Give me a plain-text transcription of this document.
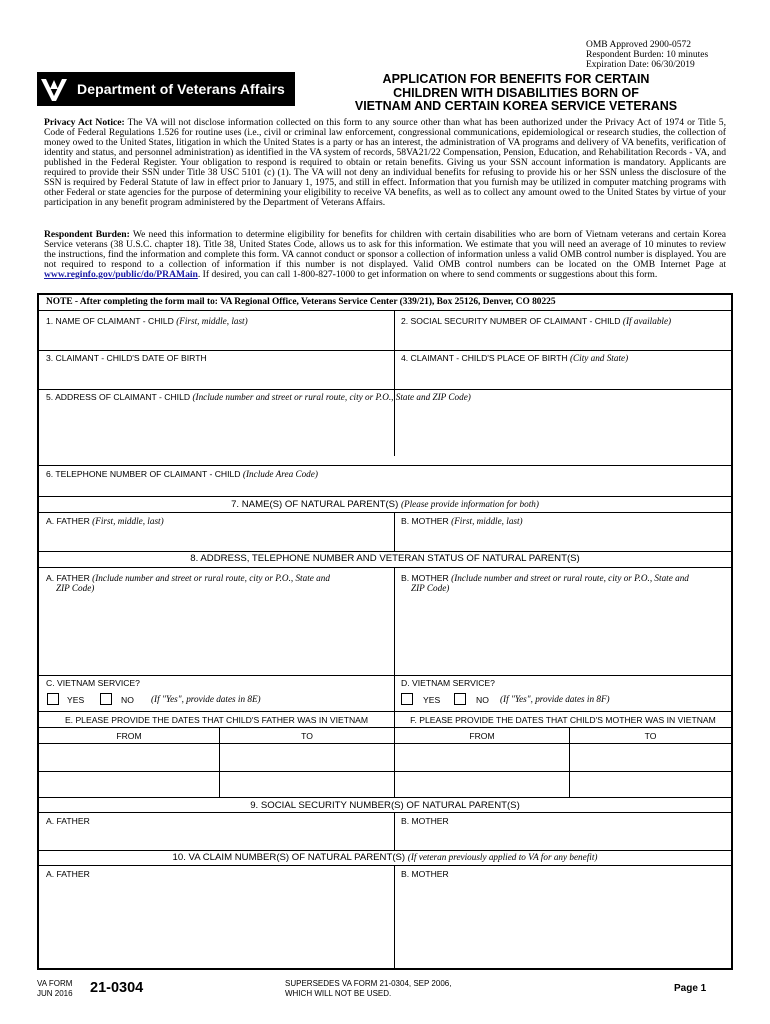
OMB Approved 2900-0572
Respondent Burden: 10 minutes
Expiration Date: 06/30/2019
Department of Veterans Affairs
APPLICATION FOR BENEFITS FOR CERTAIN
CHILDREN WITH DISABILITIES BORN OF
VIETNAM AND CERTAIN KOREA SERVICE VETERANS
Privacy Act Notice: The VA will not disclose information collected on this form to any source other than what has been authorized under the Privacy Act of 1974 or Title 5, Code of Federal Regulations 1.526 for routine uses (i.e., civil or criminal law enforcement, congressional communications, epidemiological or research studies, the collection of money owed to the United States, litigation in which the United States is a party or has an interest, the administration of VA programs and delivery of VA benefits, verification of identity and status, and personnel administration) as identified in the VA system of records, 58VA21/22 Compensation, Pension, Education, and Rehabilitation Records - VA, and published in the Federal Register. Your obligation to respond is required to obtain or retain benefits. Giving us your SSN account information is mandatory. Applicants are required to provide their SSN under Title 38 USC 5101 (c) (1). The VA will not deny an individual benefits for refusing to provide his or her SSN unless the disclosure of the SSN is required by Federal Statute of law in effect prior to January 1, 1975, and still in effect. Information that you furnish may be utilized in computer matching programs with other Federal or state agencies for the purpose of determining your eligibility to receive VA benefits, as well as to collect any amount owed to the United States by virtue of your participation in any benefit program administered by the Department of Veterans Affairs.
Respondent Burden: We need this information to determine eligibility for benefits for children with certain disabilities who are born of Vietnam veterans and certain Korea Service veterans (38 U.S.C. chapter 18). Title 38, United States Code, allows us to ask for this information. We estimate that you will need an average of 10 minutes to review the instructions, find the information and complete this form. VA cannot conduct or sponsor a collection of information unless a valid OMB control number is displayed. You are not required to respond to a collection of information if this number is not displayed. Valid OMB control numbers can be located on the OMB Internet Page at www.reginfo.gov/public/do/PRAMain. If desired, you can call 1-800-827-1000 to get information on where to send comments or suggestions about this form.
NOTE - After completing the form mail to: VA Regional Office, Veterans Service Center (339/21), Box 25126, Denver, CO 80225
1. NAME OF CLAIMANT - CHILD (First, middle, last)	2. SOCIAL SECURITY NUMBER OF CLAIMANT - CHILD (If available)
3. CLAIMANT - CHILD'S DATE OF BIRTH	4. CLAIMANT - CHILD'S PLACE OF BIRTH (City and State)
5. ADDRESS OF CLAIMANT - CHILD (Include number and street or rural route, city or P.O., State and ZIP Code)
6. TELEPHONE NUMBER OF CLAIMANT - CHILD (Include Area Code)
7. NAME(S) OF NATURAL PARENT(S) (Please provide information for both)
A. FATHER (First, middle, last)	B. MOTHER (First, middle, last)
8. ADDRESS, TELEPHONE NUMBER AND VETERAN STATUS OF NATURAL PARENT(S)
A. FATHER (Include number and street or rural route, city or P.O., State and
ZIP Code)
B. MOTHER (Include number and street or rural route, city or P.O., State and
ZIP Code)
C. VIETNAM SERVICE?	D. VIETNAM SERVICE?
YES	NO (If "Yes", provide dates in 8E)	YES	NO (If "Yes", provide dates in 8F)
E. PLEASE PROVIDE THE DATES THAT CHILD'S FATHER WAS IN VIETNAM	F. PLEASE PROVIDE THE DATES THAT CHILD'S MOTHER WAS IN VIETNAM
FROM	TO	FROM	TO
9. SOCIAL SECURITY NUMBER(S) OF NATURAL PARENT(S)
A. FATHER	B. MOTHER
10. VA CLAIM NUMBER(S) OF NATURAL PARENT(S) (If veteran previously applied to VA for any benefit)
A. FATHER	B. MOTHER
VA FORM
JUN 2016 21-0304	SUPERSEDES VA FORM 21-0304, SEP 2006,
WHICH WILL NOT BE USED.	Page 1
